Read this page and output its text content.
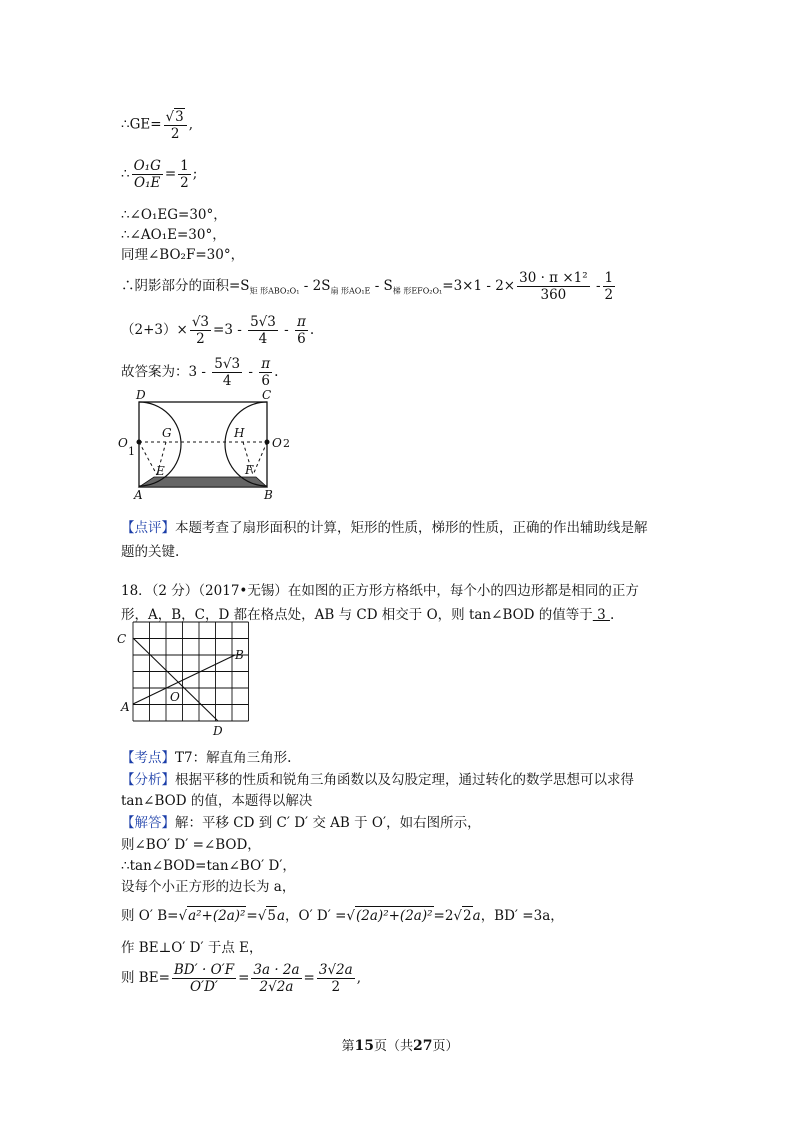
∴GE= $\frac{√3}{2}$ ,
∴ $\frac{\text{O₁G}}{\text{O₁E}} = \frac{1}{2}$ ;
∴∠O₁EG=30°，
∴∠AO₁E=30°，
同理∠BO₂F=30°，
∴阴影部分的面积$=S_{矩 形ABO_2O_1} - 2S_{扇 形AO_1E} - S_{梯 形EFO_2O_1}=3\times 1 - 2\times \frac{\text{30 · π ×1²}}{360} - \frac{1}{2}$
$(2+3)\times \frac{√3}{2} =3 - \frac{5√3}{4} - \frac{\pi}{6}$ .
故答案为：$3 - \frac{5√3}{4} - \frac{\pi}{6}$ .
D	C
O
1
O 2
G	H
E	F
A	B
【点评】本题考查了扇形面积的计算，矩形的性质，梯形的性质，正确的作出辅助线是解
题的关键.
18．（2 分）（2017•无锡）在如图的正方形方格纸中，每个小的四边形都是相同的正方
形，A，B，C，D 都在格点处，AB 与 CD 相交于 O，则 tan∠BOD 的值等于 3 .
C
B
O
A
D
【考点】T7：解直角三角形.
【分析】根据平移的性质和锐角三角函数以及勾股定理，通过转化的数学思想可以求得
tan∠BOD 的值，本题得以解决
【解答】解：平移 CD 到 C′ D′ 交 AB 于 O′，如右图所示，
则∠BO′ D′ =∠BOD，
∴tan∠BOD=tan∠BO′ D′，
设每个小正方形的边长为 a，
则 O′ B=√a²+(2a)²=√5a，O′ D′ =√(2a)²+(2a)²=2√2a，BD′ =3a，
作 BE⊥O′ D′ 于点 E，
则 $BE= \frac{BD' \cdot O'F}{O'D'} = \frac{3a \cdot 2a}{2√2a} = \frac{3√2a}{2}$ ,
第15页（共27页）
